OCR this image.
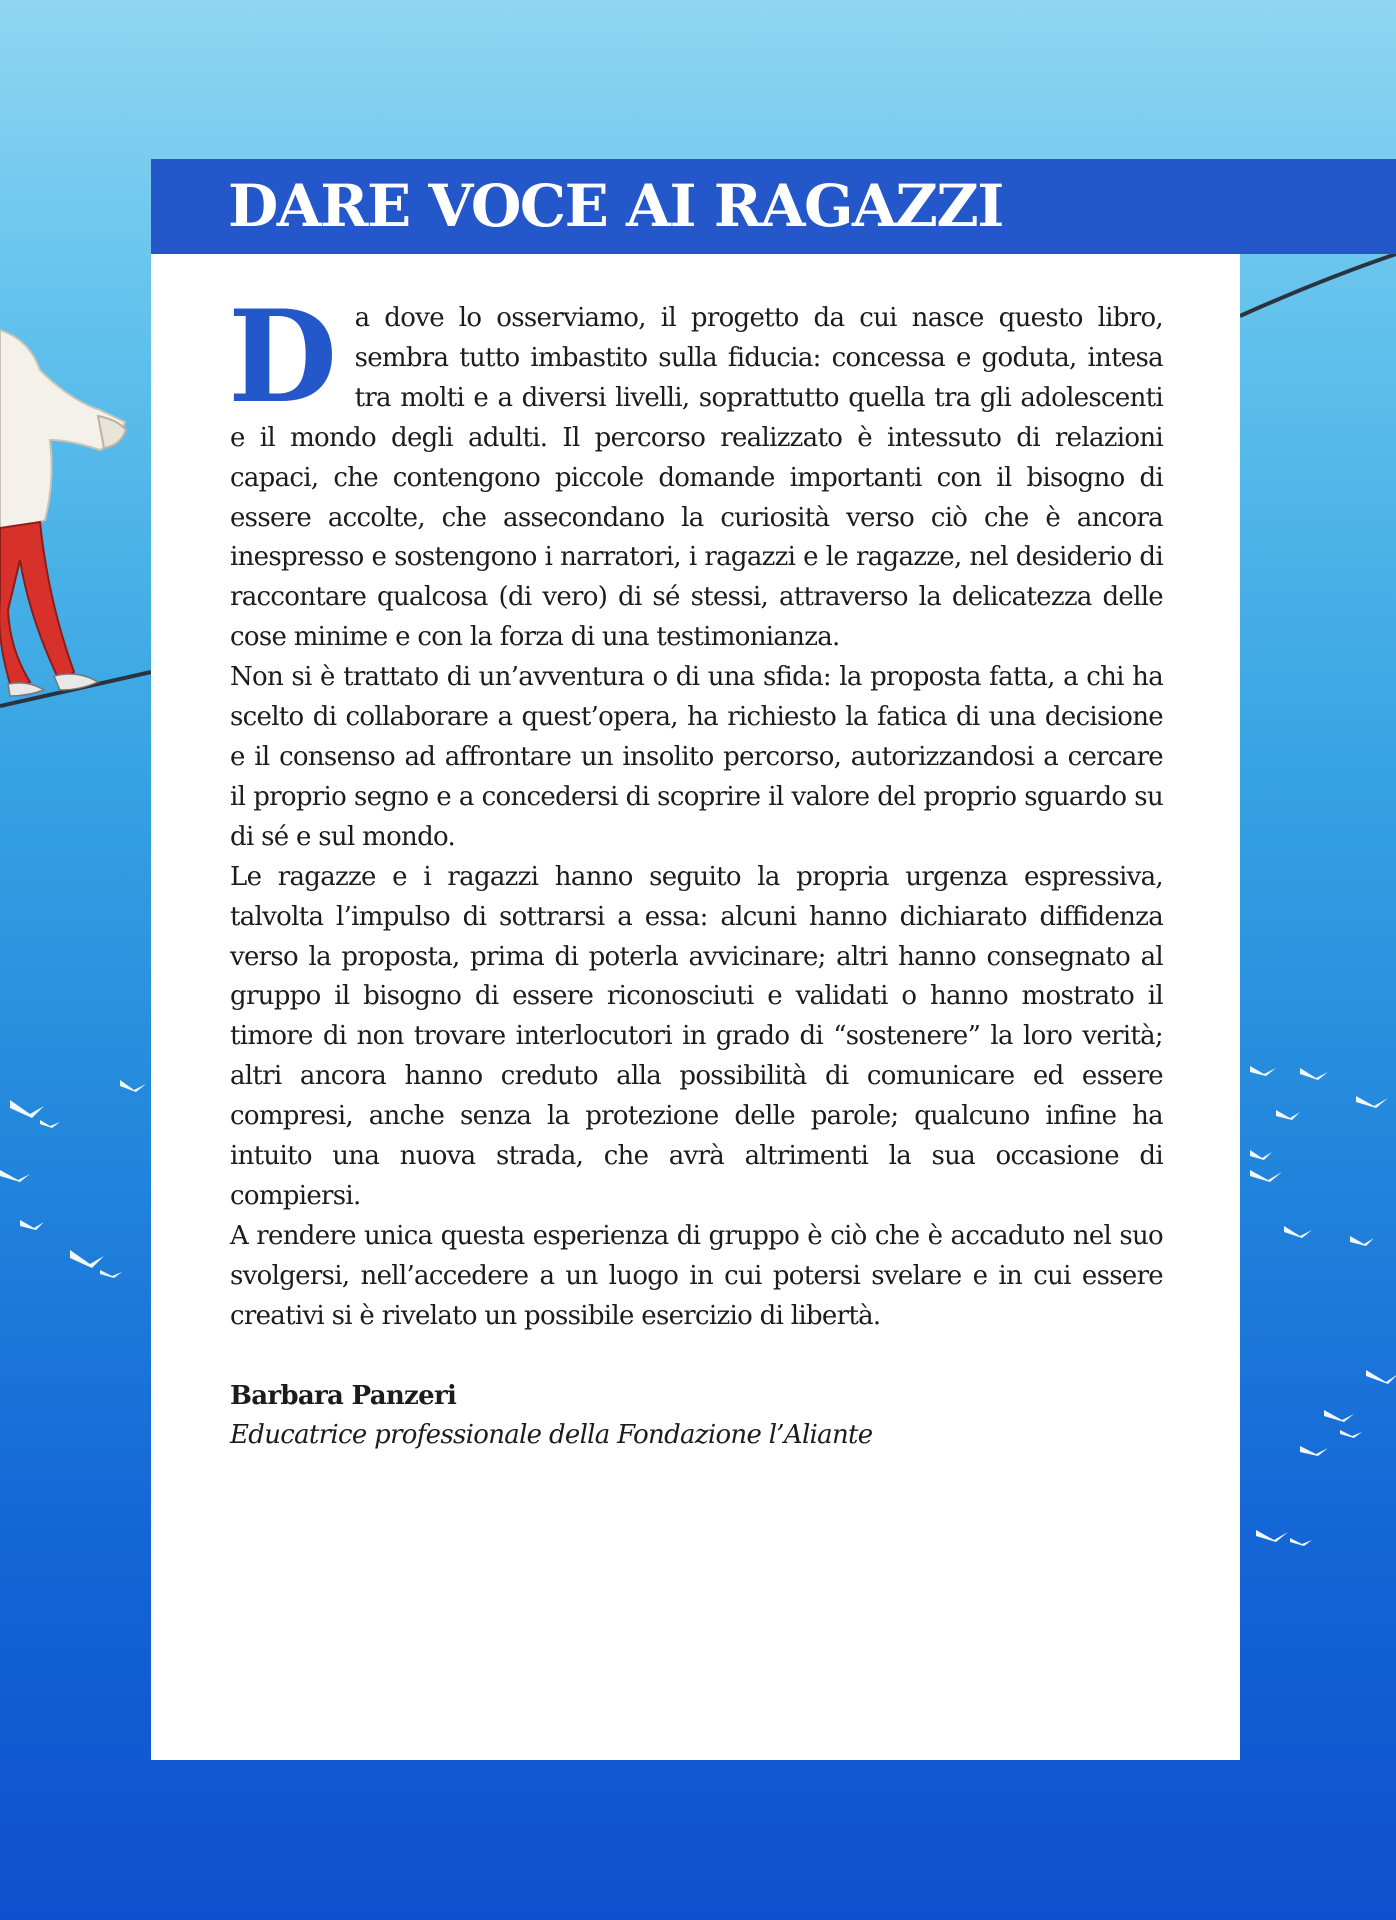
DARE VOCE AI RAGAZZI

Da dove lo osserviamo, il progetto da cui nasce questo libro, sembra tutto imbastito sulla fiducia: concessa e goduta, intesa tra molti e a diversi livelli, soprattutto quella tra gli adolescenti e il mondo degli adulti. Il percorso realizzato è intessuto di relazioni capaci, che contengono piccole domande importanti con il bisogno di essere accolte, che assecondano la curiosità verso ciò che è ancora inespresso e sostengono i narratori, i ragazzi e le ragazze, nel desiderio di raccontare qualcosa (di vero) di sé stessi, attraverso la delicatezza delle cose minime e con la forza di una testimonianza.

Non si è trattato di un’avventura o di una sfida: la proposta fatta, a chi ha scelto di collaborare a quest’opera, ha richiesto la fatica di una decisione e il consenso ad affrontare un insolito percorso, autorizzandosi a cercare il proprio segno e a concedersi di scoprire il valore del proprio sguardo su di sé e sul mondo.

Le ragazze e i ragazzi hanno seguito la propria urgenza espressiva, talvolta l’impulso di sottrarsi a essa: alcuni hanno dichiarato diffidenza verso la proposta, prima di poterla avvicinare; altri hanno consegnato al gruppo il bisogno di essere riconosciuti e validati o hanno mostrato il timore di non trovare interlocutori in grado di “sostenere” la loro verità; altri ancora hanno creduto alla possibilità di comunicare ed essere compresi, anche senza la protezione delle parole; qualcuno infine ha intuito una nuova strada, che avrà altrimenti la sua occasione di compiersi.

A rendere unica questa esperienza di gruppo è ciò che è accaduto nel suo svolgersi, nell’accedere a un luogo in cui potersi svelare e in cui essere creativi si è rivelato un possibile esercizio di libertà.

Barbara Panzeri

Educatrice professionale della Fondazione l’Aliante
